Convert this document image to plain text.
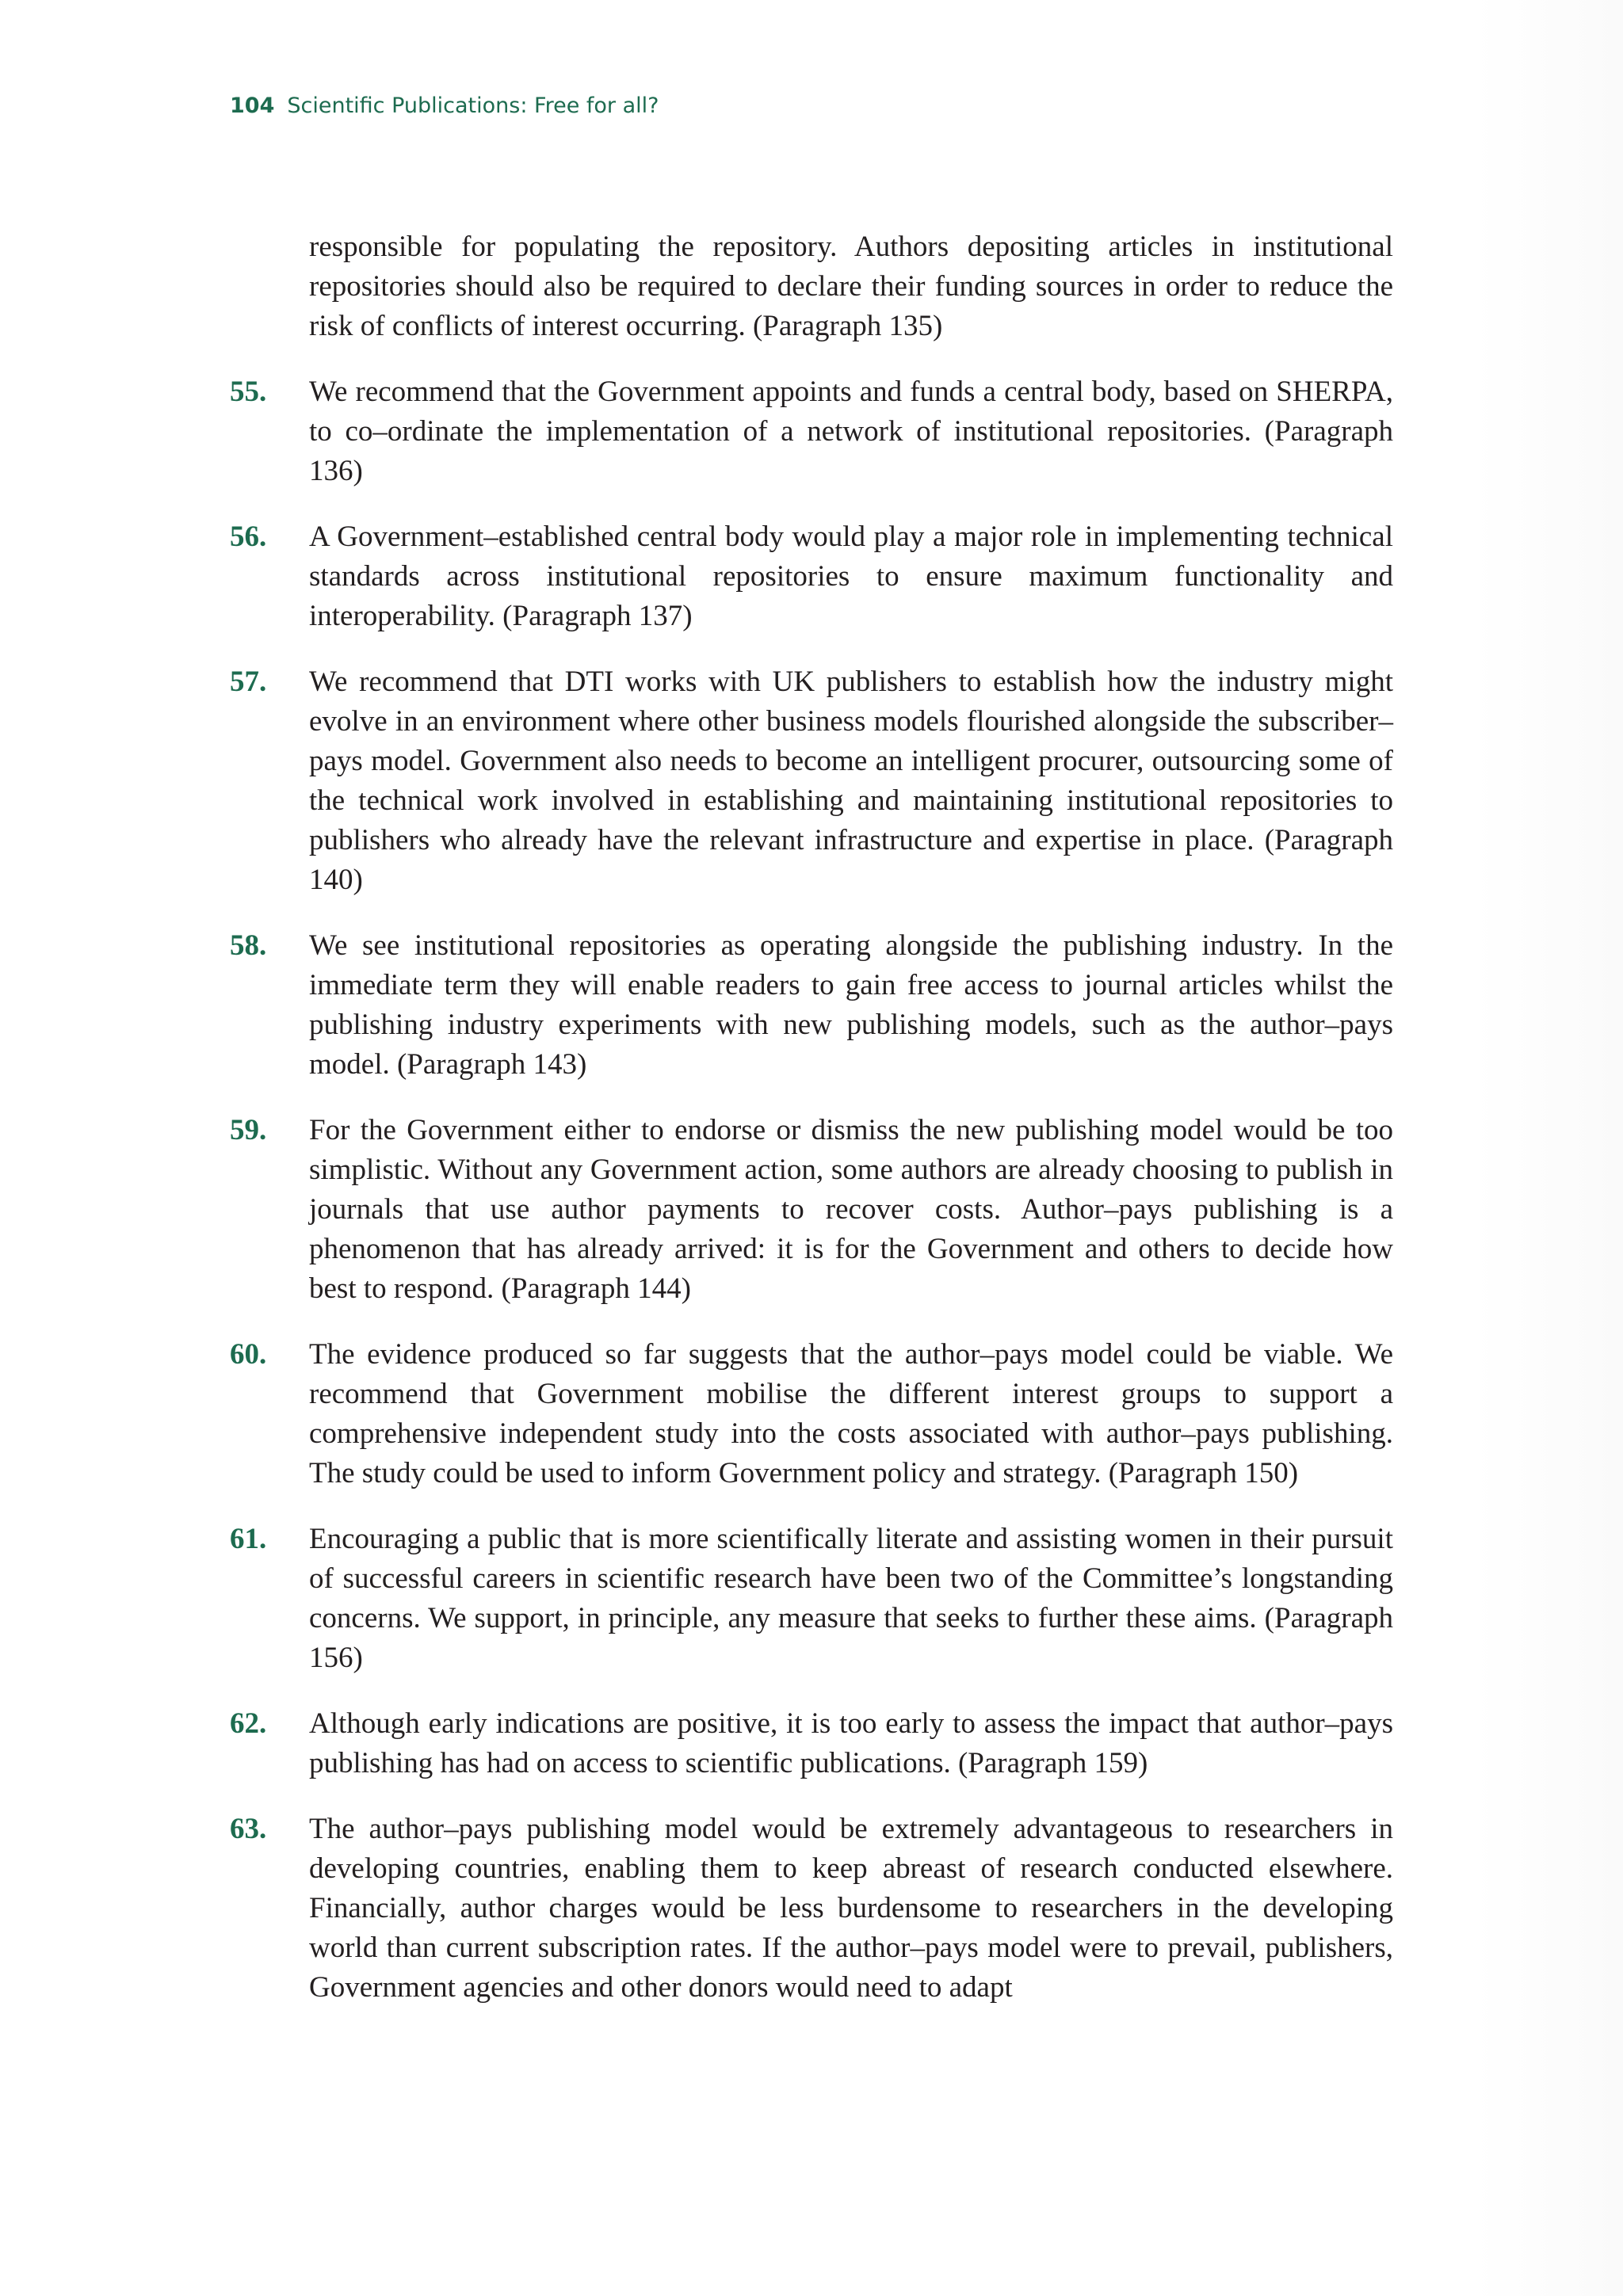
104 Scientific Publications: Free for all?
responsible for populating the repository. Authors depositing articles in institutional repositories should also be required to declare their funding sources in order to reduce the risk of conflicts of interest occurring. (Paragraph 135)
55.	We recommend that the Government appoints and funds a central body, based on SHERPA, to co–ordinate the implementation of a network of institutional repositories. (Paragraph 136)
56.	A Government–established central body would play a major role in implementing technical standards across institutional repositories to ensure maximum functionality and interoperability. (Paragraph 137)
57.	We recommend that DTI works with UK publishers to establish how the industry might evolve in an environment where other business models flourished alongside the subscriber–pays model. Government also needs to become an intelligent procurer, outsourcing some of the technical work involved in establishing and maintaining institutional repositories to publishers who already have the relevant infrastructure and expertise in place. (Paragraph 140)
58.	We see institutional repositories as operating alongside the publishing industry. In the immediate term they will enable readers to gain free access to journal articles whilst the publishing industry experiments with new publishing models, such as the author–pays model. (Paragraph 143)
59.	For the Government either to endorse or dismiss the new publishing model would be too simplistic. Without any Government action, some authors are already choosing to publish in journals that use author payments to recover costs. Author–pays publishing is a phenomenon that has already arrived: it is for the Government and others to decide how best to respond. (Paragraph 144)
60.	The evidence produced so far suggests that the author–pays model could be viable. We recommend that Government mobilise the different interest groups to support a comprehensive independent study into the costs associated with author–pays publishing. The study could be used to inform Government policy and strategy. (Paragraph 150)
61.	Encouraging a public that is more scientifically literate and assisting women in their pursuit of successful careers in scientific research have been two of the Committee’s longstanding concerns. We support, in principle, any measure that seeks to further these aims. (Paragraph 156)
62.	Although early indications are positive, it is too early to assess the impact that author–pays publishing has had on access to scientific publications. (Paragraph 159)
63.	The author–pays publishing model would be extremely advantageous to researchers in developing countries, enabling them to keep abreast of research conducted elsewhere. Financially, author charges would be less burdensome to researchers in the developing world than current subscription rates. If the author–pays model were to prevail, publishers, Government agencies and other donors would need to adapt
